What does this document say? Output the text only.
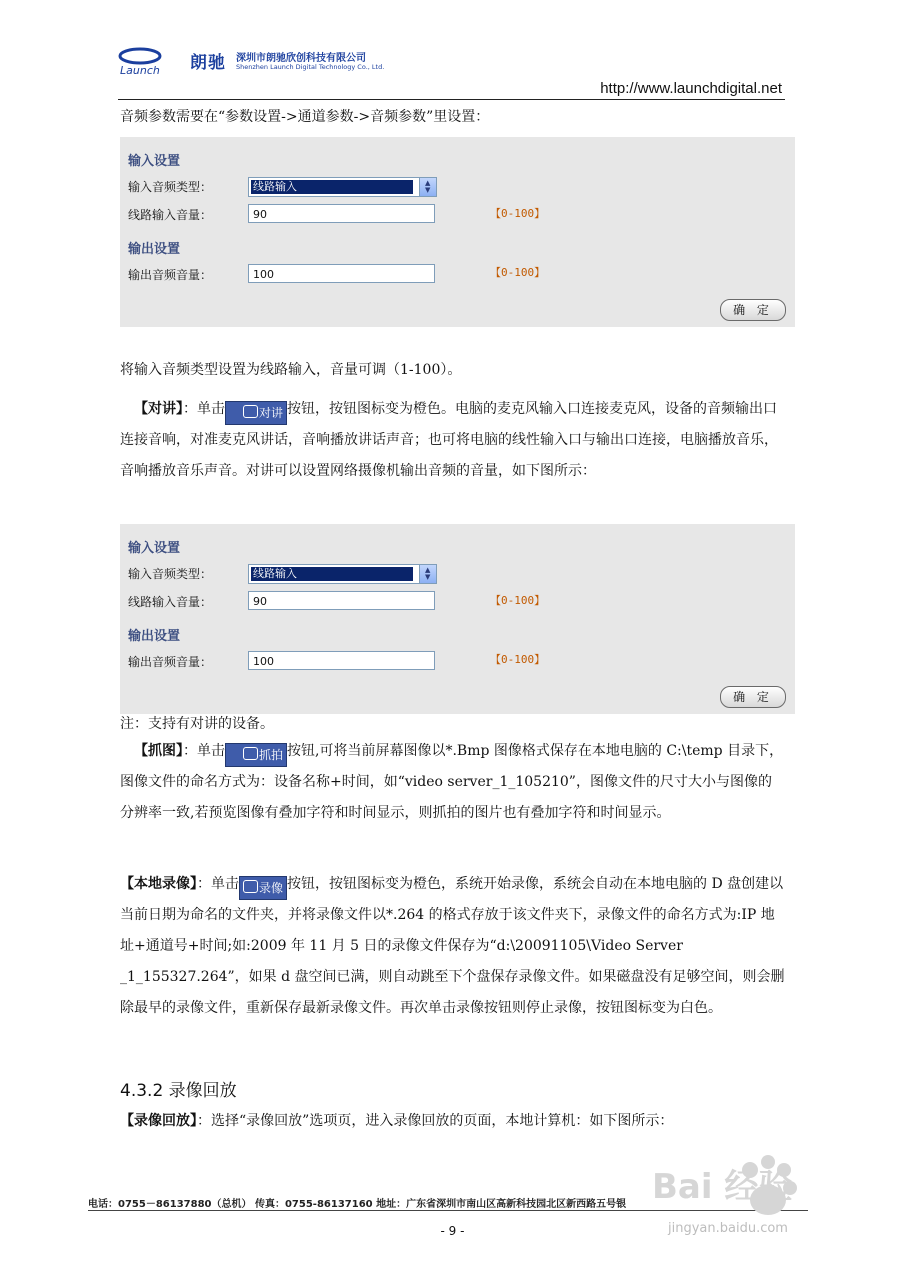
Launch 朗驰 深圳市朗驰欣创科技有限公司
Shenzhen Launch Digital Technology Co., Ltd.
http://www.launchdigital.net

音频参数需要在“参数设置->通道参数->音频参数”里设置：

输入设置
输入音频类型：	线路输入	▲
▼
线路输入音量：	90	【0-100】
输出设置
输出音频音量：	100	【0-100】
确 定

将输入音频类型设置为线路输入，音量可调（1-100）。

【对讲】：单击	对讲 按钮，按钮图标变为橙色。电脑的麦克风输入口连接麦克风，设备的音频输出口连接音响，对准麦克风讲话，音响播放讲话声音；也可将电脑的线性输入口与输出口连接，电脑播放音乐，音响播放音乐声音。对讲可以设置网络摄像机输出音频的音量，如下图所示：

输入设置
输入音频类型：	线路输入	▲
▼
线路输入音量：	90	【0-100】
输出设置
输出音频音量：	100	【0-100】
确 定

注：支持有对讲的设备。

【抓图】：单击	抓拍 按钮,可将当前屏幕图像以*.Bmp 图像格式保存在本地电脑的 C:\temp 目录下，图像文件的命名方式为：设备名称+时间，如“video server_1_105210”，图像文件的尺寸大小与图像的分辨率一致,若预览图像有叠加字符和时间显示，则抓拍的图片也有叠加字符和时间显示。

【本地录像】：单击 录像 按钮，按钮图标变为橙色，系统开始录像，系统会自动在本地电脑的 D 盘创建以当前日期为命名的文件夹，并将录像文件以*.264 的格式存放于该文件夹下，录像文件的命名方式为:IP 地址+通道号+时间;如:2009 年 11 月 5 日的录像文件保存为“d:\20091105\Video Server _1_155327.264”，如果 d 盘空间已满，则自动跳至下个盘保存录像文件。如果磁盘没有足够空间，则会删除最早的录像文件，重新保存最新录像文件。再次单击录像按钮则停止录像，按钮图标变为白色。

4.3.2 录像回放

【录像回放】：选择“录像回放”选项页，进入录像回放的页面，本地计算机：如下图所示：

电话：0755－86137880（总机） 传真：0755-86137160 地址：广东省深圳市南山区高新科技园北区新西路五号银
- 9 -
Bai 经验
jingyan.baidu.com
